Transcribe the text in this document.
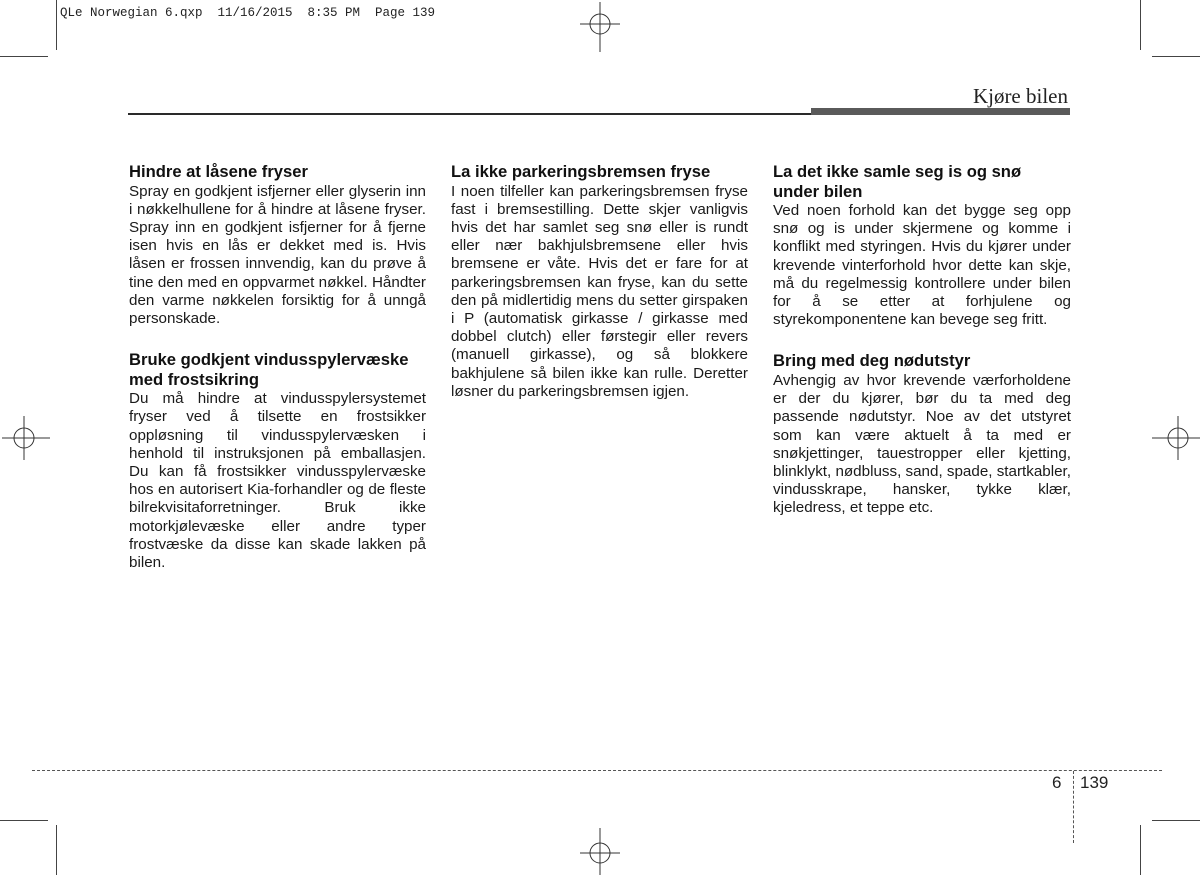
QLe Norwegian 6.qxp  11/16/2015  8:35 PM  Page 139
Kjøre bilen
Hindre at låsene fryser

Spray en godkjent isfjerner eller glyserin inn i nøkkelhullene for å hindre at låsene fryser. Spray inn en godkjent isfjerner for å fjerne isen hvis en lås er dekket med is. Hvis låsen er frossen innvendig, kan du prøve å tine den med en oppvarmet nøkkel. Håndter den varme nøkkelen forsiktig for å unngå personskade.

Bruke godkjent vindusspylervæske med frostsikring

Du må hindre at vindusspylersystemet fryser ved å tilsette en frostsikker oppløsning til vindusspylervæsken i henhold til instruksjonen på emballasjen. Du kan få frostsikker vindusspylervæske hos en autorisert Kia-forhandler og de fleste bilrekvisitaforretninger. Bruk ikke motorkjølevæske eller andre typer frostvæske da disse kan skade lakken på bilen.

La ikke parkeringsbremsen fryse

I noen tilfeller kan parkeringsbremsen fryse fast i bremsestilling. Dette skjer vanligvis hvis det har samlet seg snø eller is rundt eller nær bakhjulsbremsene eller hvis bremsene er våte. Hvis det er fare for at parkeringsbremsen kan fryse, kan du sette den på midlertidig mens du setter girspaken i P (automatisk girkasse / girkasse med dobbel clutch) eller førstegir eller revers (manuell girkasse), og så blokkere bakhjulene så bilen ikke kan rulle. Deretter løsner du parkeringsbremsen igjen.

La det ikke samle seg is og snø under bilen

Ved noen forhold kan det bygge seg opp snø og is under skjermene og komme i konflikt med styringen. Hvis du kjører under krevende vinterforhold hvor dette kan skje, må du regelmessig kontrollere under bilen for å se etter at forhjulene og styrekomponentene kan bevege seg fritt.

Bring med deg nødutstyr

Avhengig av hvor krevende værforholdene er der du kjører, bør du ta med deg passende nødutstyr. Noe av det utstyret som kan være aktuelt å ta med er snøkjettinger, tauestropper eller kjetting, blinklykt, nødbluss, sand, spade, startkabler, vindusskrape, hansker, tykke klær, kjeledress, et teppe etc.

6 139
